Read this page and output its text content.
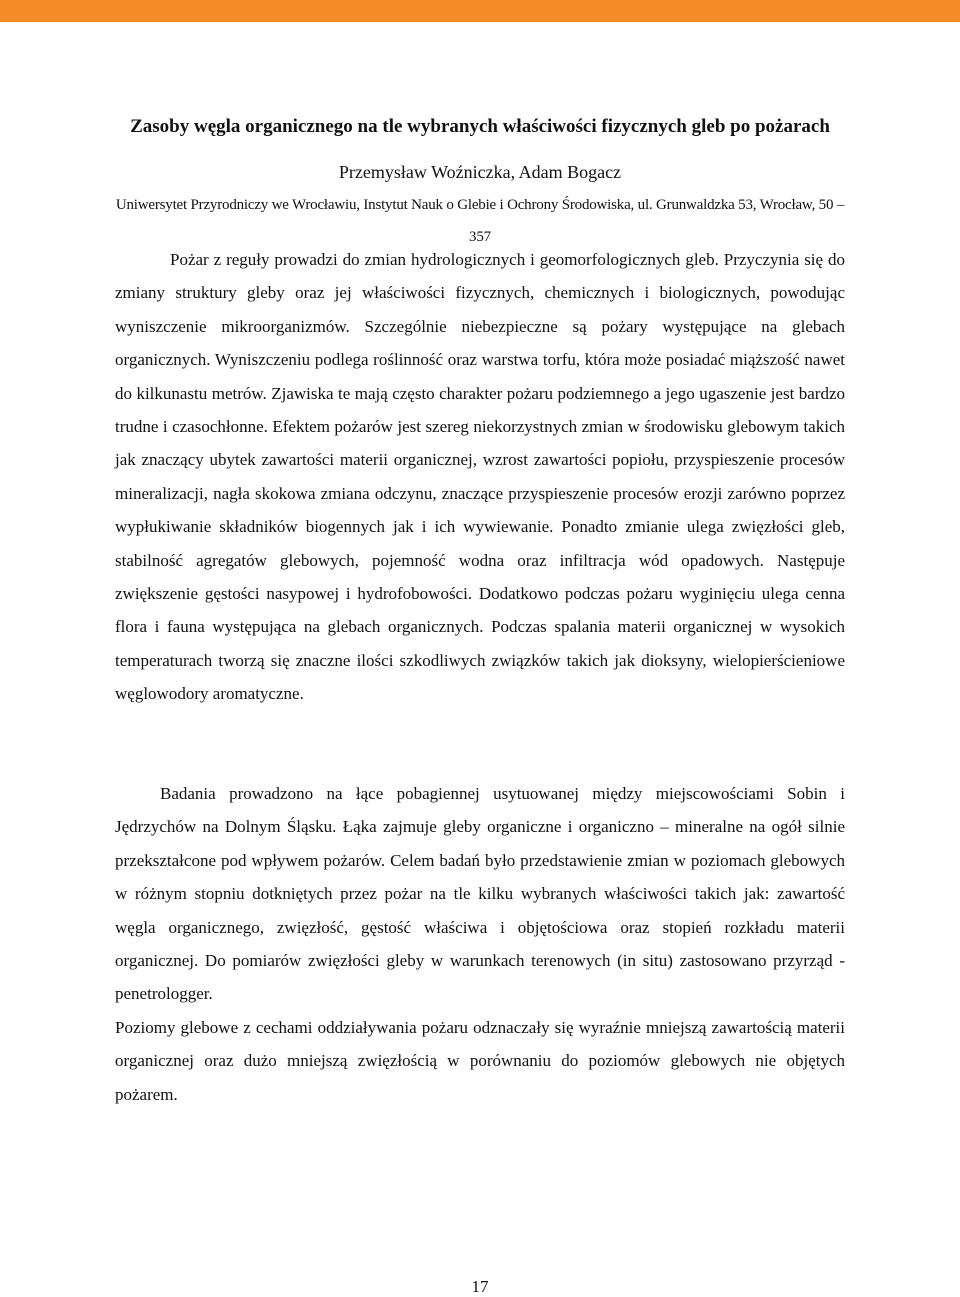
Zasoby węgla organicznego na tle wybranych właściwości fizycznych gleb po pożarach
Przemysław Woźniczka, Adam Bogacz
Uniwersytet Przyrodniczy we Wrocławiu, Instytut Nauk o Glebie i Ochrony Środowiska, ul. Grunwaldzka 53, Wrocław, 50 – 357

Pożar z reguły prowadzi do zmian hydrologicznych i geomorfologicznych gleb. Przyczynia się do zmiany struktury gleby oraz jej właściwości fizycznych, chemicznych i biologicznych, powodując wyniszczenie mikroorganizmów. Szczególnie niebezpieczne są pożary występujące na glebach organicznych. Wyniszczeniu podlega roślinność oraz warstwa torfu, która może posiadać miąższość nawet do kilkunastu metrów. Zjawiska te mają często charakter pożaru podziemnego a jego ugaszenie jest bardzo trudne i czasochłonne. Efektem pożarów jest szereg niekorzystnych zmian w środowisku glebowym takich jak znaczący ubytek zawartości materii organicznej, wzrost zawartości popiołu, przyspieszenie procesów mineralizacji, nagła skokowa zmiana odczynu, znaczące przyspieszenie procesów erozji zarówno poprzez wypłukiwanie składników biogennych jak i ich wywiewanie. Ponadto zmianie ulega zwięzłości gleb, stabilność agregatów glebowych, pojemność wodna oraz infiltracja wód opadowych. Następuje zwiększenie gęstości nasypowej i hydrofobowości. Dodatkowo podczas pożaru wyginięciu ulega cenna flora i fauna występująca na glebach organicznych. Podczas spalania materii organicznej w wysokich temperaturach tworzą się znaczne ilości szkodliwych związków takich jak dioksyny, wielopierścieniowe węglowodory aromatyczne.

Badania prowadzono na łące pobagiennej usytuowanej między miejscowościami Sobin i Jędrzychów na Dolnym Śląsku. Łąka zajmuje gleby organiczne i organiczno – mineralne na ogół silnie przekształcone pod wpływem pożarów. Celem badań było przedstawienie zmian w poziomach glebowych w różnym stopniu dotkniętych przez pożar na tle kilku wybranych właściwości takich jak: zawartość węgla organicznego, zwięzłość, gęstość właściwa i objętościowa oraz stopień rozkładu materii organicznej. Do pomiarów zwięzłości gleby w warunkach terenowych (in situ) zastosowano przyrząd - penetrologger.

Poziomy glebowe z cechami oddziaływania pożaru odznaczały się wyraźnie mniejszą zawartością materii organicznej oraz dużo mniejszą zwięzłością w porównaniu do poziomów glebowych nie objętych pożarem.

17
